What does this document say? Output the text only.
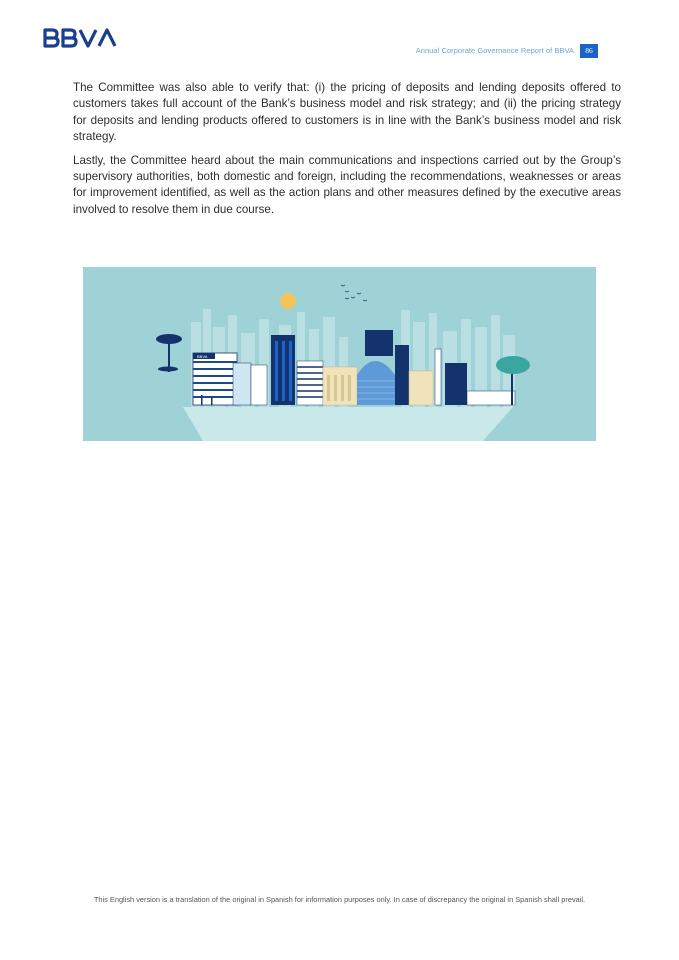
Annual Corporate Governance Report of BBVA	86

The Committee was also able to verify that: (i) the pricing of deposits and lending deposits offered to customers takes full account of the Bank’s business model and risk strategy; and (ii) the pricing strategy for deposits and lending products offered to customers is in line with the Bank’s business model and risk strategy.

Lastly, the Committee heard about the main communications and inspections carried out by the Group’s supervisory authorities, both domestic and foreign, including the recommendations, weaknesses or areas for improvement identified, as well as the action plans and other measures defined by the executive areas involved to resolve them in due course.

BBVA
This English version is a translation of the original in Spanish for information purposes only. In case of discrepancy the original in Spanish shall prevail.
